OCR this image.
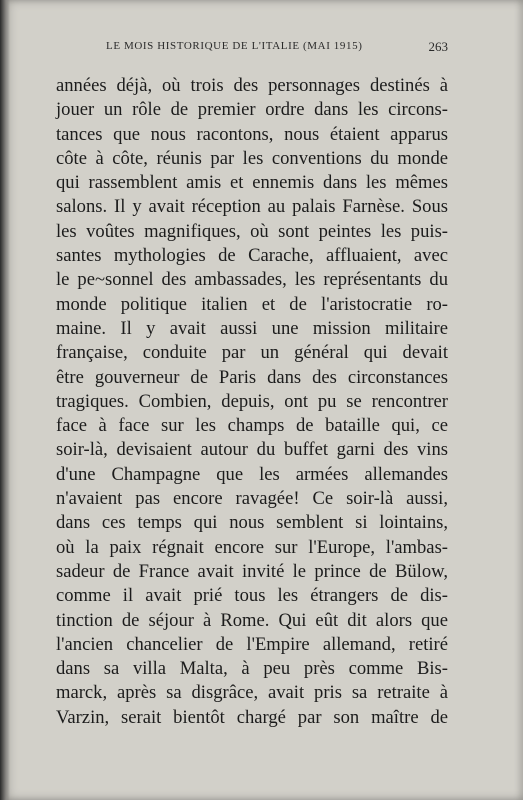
LE MOIS HISTORIQUE DE L'ITALIE (MAI 1915)	263
années déjà, où trois des personnages destinés à
jouer un rôle de premier ordre dans les circons-
tances que nous racontons, nous étaient apparus
côte à côte, réunis par les conventions du monde
qui rassemblent amis et ennemis dans les mêmes
salons. Il y avait réception au palais Farnèse. Sous
les voûtes magnifiques, où sont peintes les puis-
santes mythologies de Carache, affluaient, avec
le pe~sonnel des ambassades, les représentants du
monde politique italien et de l'aristocratie ro-
maine. Il y avait aussi une mission militaire
française, conduite par un général qui devait
être gouverneur de Paris dans des circonstances
tragiques. Combien, depuis, ont pu se rencontrer
face à face sur les champs de bataille qui, ce
soir-là, devisaient autour du buffet garni des vins
d'une Champagne que les armées allemandes
n'avaient pas encore ravagée! Ce soir-là aussi,
dans ces temps qui nous semblent si lointains,
où la paix régnait encore sur l'Europe, l'ambas-
sadeur de France avait invité le prince de Bülow,
comme il avait prié tous les étrangers de dis-
tinction de séjour à Rome. Qui eût dit alors que
l'ancien chancelier de l'Empire allemand, retiré
dans sa villa Malta, à peu près comme Bis-
marck, après sa disgrâce, avait pris sa retraite à
Varzin, serait bientôt chargé par son maître de
